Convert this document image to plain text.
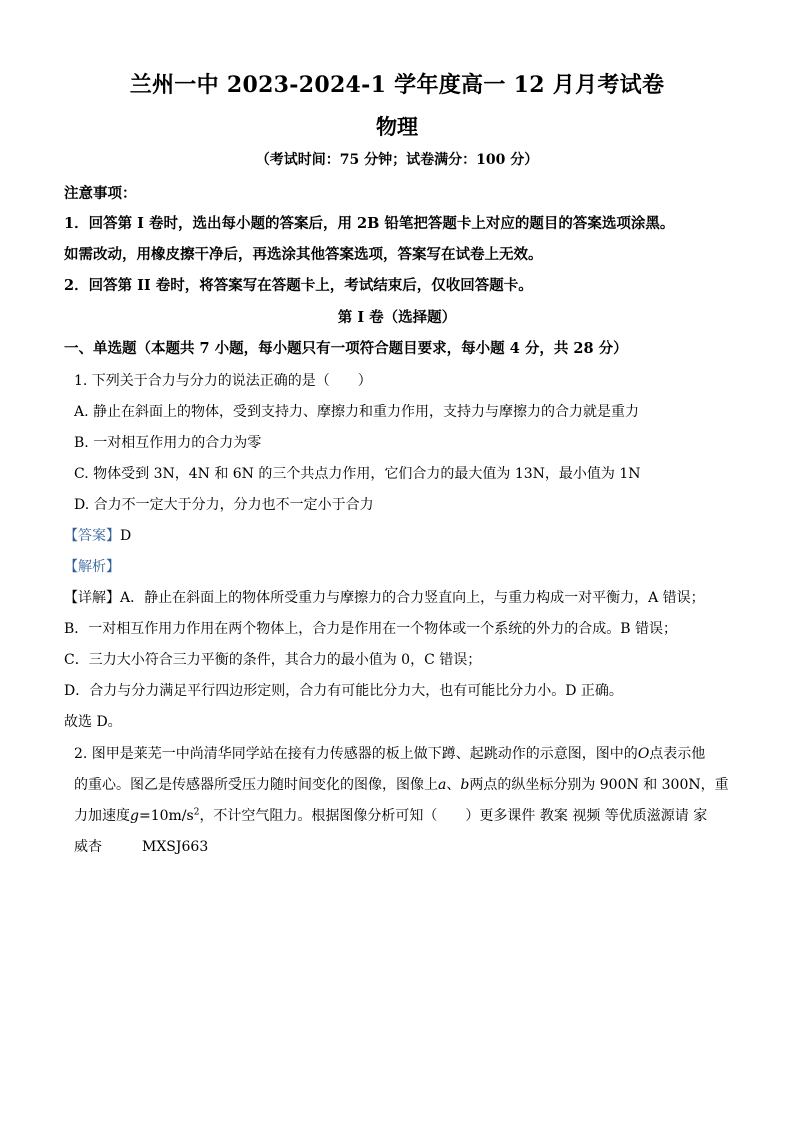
兰州一中 2023-2024-1 学年度高一 12 月月考试卷
物理
（考试时间：75 分钟；试卷满分：100 分）
注意事项：
1．回答第 I 卷时，选出每小题的答案后，用 2B 铅笔把答题卡上对应的题目的答案选项涂黑。
如需改动，用橡皮擦干净后，再选涂其他答案选项，答案写在试卷上无效。
2．回答第 II 卷时，将答案写在答题卡上，考试结束后，仅收回答题卡。
第 I 卷（选择题）
一、单选题（本题共 7 小题，每小题只有一项符合题目要求，每小题 4 分，共 28 分）
1. 下列关于合力与分力的说法正确的是（　　）
A. 静止在斜面上的物体，受到支持力、摩擦力和重力作用，支持力与摩擦力的合力就是重力
B. 一对相互作用力的合力为零
C. 物体受到 3N，4N 和 6N 的三个共点力作用，它们合力的最大值为 13N，最小值为 1N
D. 合力不一定大于分力，分力也不一定小于合力
【答案】D
【解析】
【详解】A．静止在斜面上的物体所受重力与摩擦力的合力竖直向上，与重力构成一对平衡力，A 错误；
B．一对相互作用力作用在两个物体上，合力是作用在一个物体或一个系统的外力的合成。B 错误；
C．三力大小符合三力平衡的条件，其合力的最小值为 0，C 错误；
D．合力与分力满足平行四边形定则，合力有可能比分力大，也有可能比分力小。D 正确。
故选 D。
2. 图甲是莱芜一中尚清华同学站在接有力传感器的板上做下蹲、起跳动作的示意图，图中的O点表示他
的重心。图乙是传感器所受压力随时间变化的图像，图像上a、b两点的纵坐标分别为 900N 和 300N，重
力加速度$g=10m/s^2$，不计空气阻力。根据图像分析可知（　　）更多课件 教案 视频 等优质滋源请 家
威杏	MXSJ663
